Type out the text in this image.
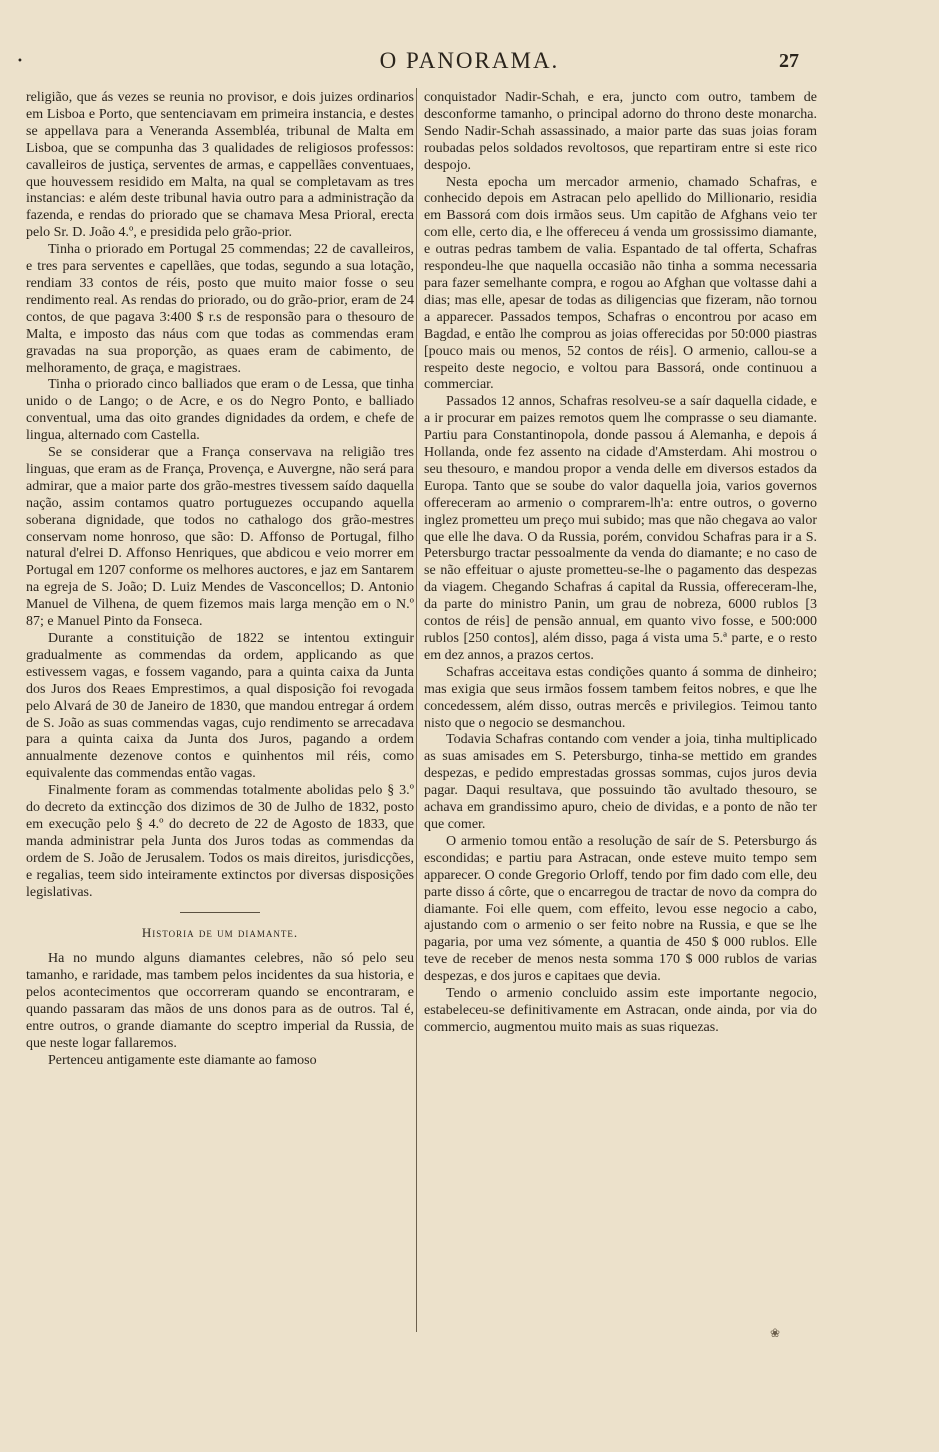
•	O PANORAMA.	27

religião, que ás vezes se reunia no provisor, e dois juizes ordinarios em Lisboa e Porto, que sentenciavam em primeira instancia, e destes se appellava para a Veneranda Assembléa, tribunal de Malta em Lisboa, que se compunha das 3 qualidades de religiosos professos: cavalleiros de justiça, serventes de armas, e cappellães conventuaes, que houvessem residido em Malta, na qual se completavam as tres instancias: e além deste tribunal havia outro para a administração da fazenda, e rendas do priorado que se chamava Mesa Prioral, erecta pelo Sr. D. João 4.º, e presidida pelo grão-prior.

Tinha o priorado em Portugal 25 commendas; 22 de cavalleiros, e tres para serventes e capellães, que todas, segundo a sua lotação, rendiam 33 contos de réis, posto que muito maior fosse o seu rendimento real. As rendas do priorado, ou do grão-prior, eram de 24 contos, de que pagava 3:400 $ r.s de responsão para o thesouro de Malta, e imposto das náus com que todas as commendas eram gravadas na sua proporção, as quaes eram de cabimento, de melhoramento, de graça, e magistraes.

Tinha o priorado cinco balliados que eram o de Lessa, que tinha unido o de Lango; o de Acre, e os do Negro Ponto, e balliado conventual, uma das oito grandes dignidades da ordem, e chefe de lingua, alternado com Castella.

Se se considerar que a França conservava na religião tres linguas, que eram as de França, Provença, e Auvergne, não será para admirar, que a maior parte dos grão-mestres tivessem saído daquella nação, assim contamos quatro portuguezes occupando aquella soberana dignidade, que todos no cathalogo dos grão-mestres conservam nome honroso, que são: D. Affonso de Portugal, filho natural d'elrei D. Affonso Henriques, que abdicou e veio morrer em Portugal em 1207 conforme os melhores auctores, e jaz em Santarem na egreja de S. João; D. Luiz Mendes de Vasconcellos; D. Antonio Manuel de Vilhena, de quem fizemos mais larga menção em o N.º 87; e Manuel Pinto da Fonseca.

Durante a constituição de 1822 se intentou extinguir gradualmente as commendas da ordem, applicando as que estivessem vagas, e fossem vagando, para a quinta caixa da Junta dos Juros dos Reaes Emprestimos, a qual disposição foi revogada pelo Alvará de 30 de Janeiro de 1830, que mandou entregar á ordem de S. João as suas commendas vagas, cujo rendimento se arrecadava para a quinta caixa da Junta dos Juros, pagando a ordem annualmente dezenove contos e quinhentos mil réis, como equivalente das commendas então vagas.

Finalmente foram as commendas totalmente abolidas pelo § 3.º do decreto da extincção dos dizimos de 30 de Julho de 1832, posto em execução pelo § 4.º do decreto de 22 de Agosto de 1833, que manda administrar pela Junta dos Juros todas as commendas da ordem de S. João de Jerusalem. Todos os mais direitos, jurisdicções, e regalias, teem sido inteiramente extinctos por diversas disposições legislativas.

Historia de um diamante.

Ha no mundo alguns diamantes celebres, não só pelo seu tamanho, e raridade, mas tambem pelos incidentes da sua historia, e pelos acontecimentos que occorreram quando se encontraram, e quando passaram das mãos de uns donos para as de outros. Tal é, entre outros, o grande diamante do sceptro imperial da Russia, de que neste logar fallaremos.

Pertenceu antigamente este diamante ao famoso

conquistador Nadir-Schah, e era, juncto com outro, tambem de desconforme tamanho, o principal adorno do throno deste monarcha. Sendo Nadir-Schah assassinado, a maior parte das suas joias foram roubadas pelos soldados revoltosos, que repartiram entre si este rico despojo.

Nesta epocha um mercador armenio, chamado Schafras, e conhecido depois em Astracan pelo apellido do Millionario, residia em Bassorá com dois irmãos seus. Um capitão de Afghans veio ter com elle, certo dia, e lhe offereceu á venda um grossissimo diamante, e outras pedras tambem de valia. Espantado de tal offerta, Schafras respondeu-lhe que naquella occasião não tinha a somma necessaria para fazer semelhante compra, e rogou ao Afghan que voltasse dahi a dias; mas elle, apesar de todas as diligencias que fizeram, não tornou a apparecer. Passados tempos, Schafras o encontrou por acaso em Bagdad, e então lhe comprou as joias offerecidas por 50:000 piastras [pouco mais ou menos, 52 contos de réis]. O armenio, callou-se a respeito deste negocio, e voltou para Bassorá, onde continuou a commerciar.

Passados 12 annos, Schafras resolveu-se a saír daquella cidade, e a ir procurar em paizes remotos quem lhe comprasse o seu diamante. Partiu para Constantinopola, donde passou á Alemanha, e depois á Hollanda, onde fez assento na cidade d'Amsterdam. Ahi mostrou o seu thesouro, e mandou propor a venda delle em diversos estados da Europa. Tanto que se soube do valor daquella joia, varios governos offereceram ao armenio o comprarem-lh'a: entre outros, o governo inglez prometteu um preço mui subido; mas que não chegava ao valor que elle lhe dava. O da Russia, porém, convidou Schafras para ir a S. Petersburgo tractar pessoalmente da venda do diamante; e no caso de se não effeituar o ajuste prometteu-se-lhe o pagamento das despezas da viagem. Chegando Schafras á capital da Russia, offereceram-lhe, da parte do ministro Panin, um grau de nobreza, 6000 rublos [3 contos de réis] de pensão annual, em quanto vivo fosse, e 500:000 rublos [250 contos], além disso, paga á vista uma 5.ª parte, e o resto em dez annos, a prazos certos.

Schafras acceitava estas condições quanto á somma de dinheiro; mas exigia que seus irmãos fossem tambem feitos nobres, e que lhe concedessem, além disso, outras mercês e privilegios. Teimou tanto nisto que o negocio se desmanchou.

Todavia Schafras contando com vender a joia, tinha multiplicado as suas amisades em S. Petersburgo, tinha-se mettido em grandes despezas, e pedido emprestadas grossas sommas, cujos juros devia pagar. Daqui resultava, que possuindo tão avultado thesouro, se achava em grandissimo apuro, cheio de dividas, e a ponto de não ter que comer.

O armenio tomou então a resolução de saír de S. Petersburgo ás escondidas; e partiu para Astracan, onde esteve muito tempo sem apparecer. O conde Gregorio Orloff, tendo por fim dado com elle, deu parte disso á côrte, que o encarregou de tractar de novo da compra do diamante. Foi elle quem, com effeito, levou esse negocio a cabo, ajustando com o armenio o ser feito nobre na Russia, e que se lhe pagaria, por uma vez sómente, a quantia de 450 $ 000 rublos. Elle teve de receber de menos nesta somma 170 $ 000 rublos de varias despezas, e dos juros e capitaes que devia.

Tendo o armenio concluido assim este importante negocio, estabeleceu-se definitivamente em Astracan, onde ainda, por via do commercio, augmentou muito mais as suas riquezas.

❀
